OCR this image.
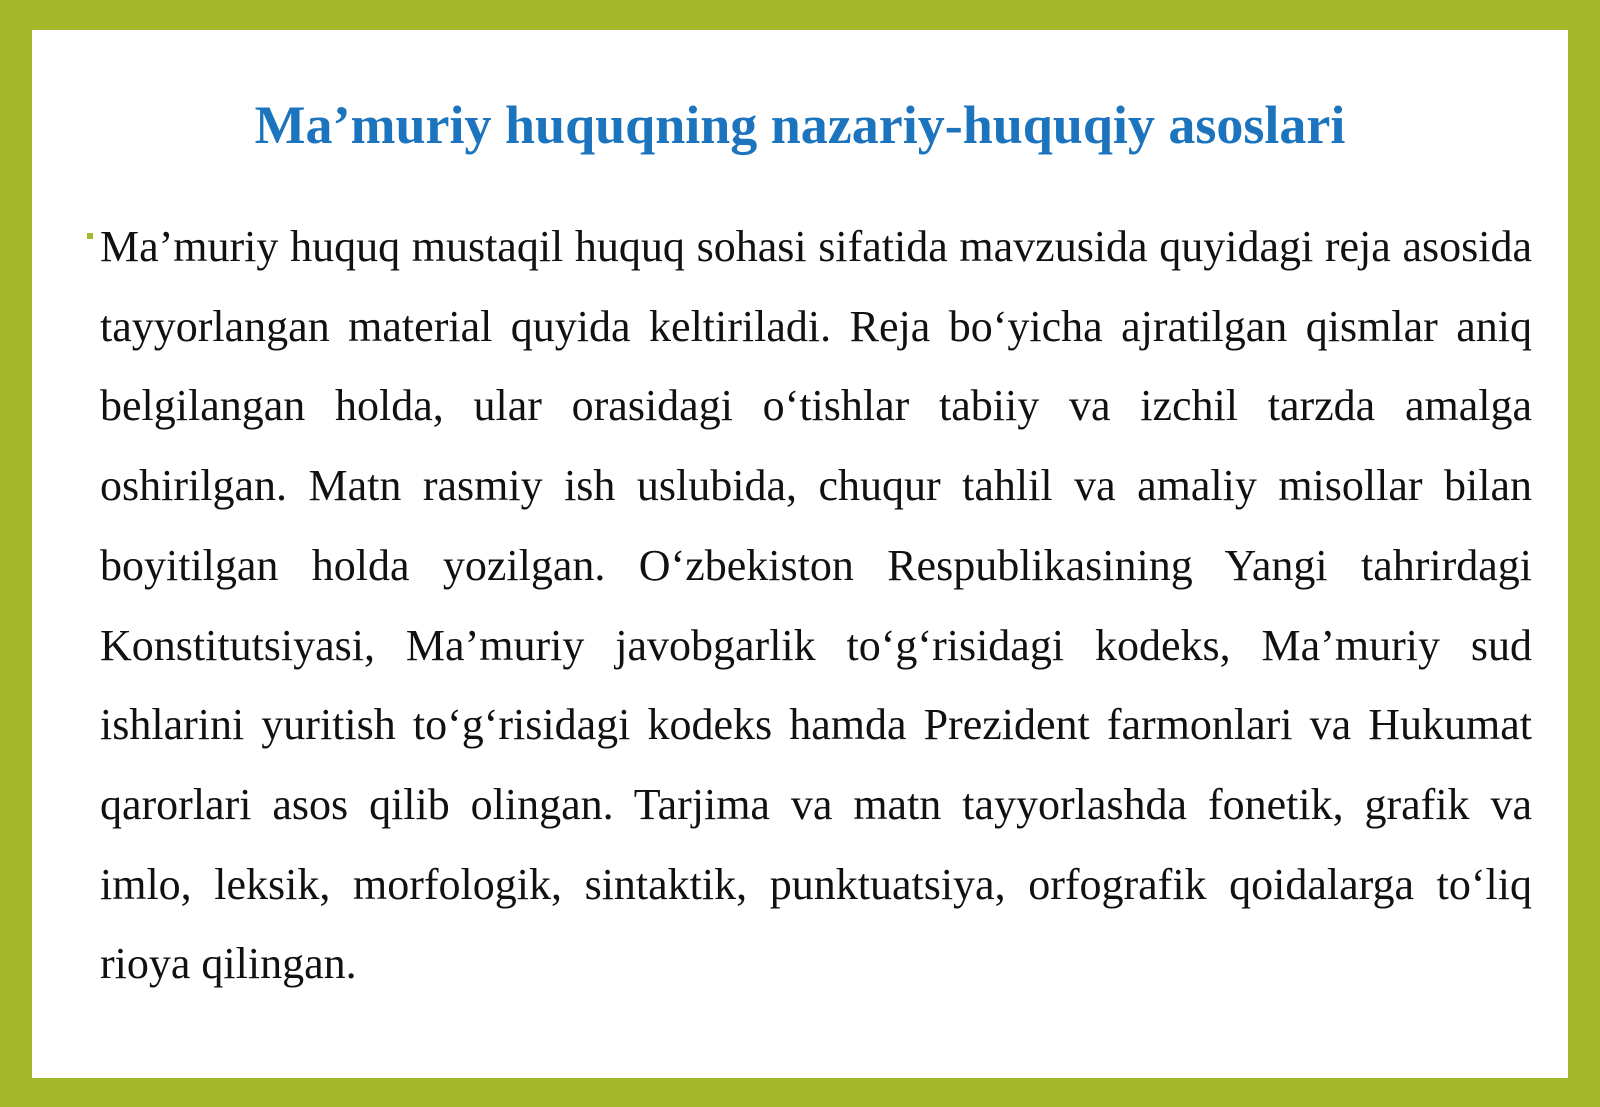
Ma’muriy huquqning nazariy-huquqiy asoslari

Ma’muriy huquq mustaqil huquq sohasi sifatida mavzusida quyidagi reja asosida tayyorlangan material quyida keltiriladi. Reja bo‘yicha ajratilgan qismlar aniq belgilangan holda, ular orasidagi o‘tishlar tabiiy va izchil tarzda amalga oshirilgan. Matn rasmiy ish uslubida, chuqur tahlil va amaliy misollar bilan boyitilgan holda yozilgan. O‘zbekiston Respublikasining Yangi tahrirdagi Konstitutsiyasi, Ma’muriy javobgarlik to‘g‘risidagi kodeks, Ma’muriy sud ishlarini yuritish to‘g‘risidagi kodeks hamda Prezident farmonlari va Hukumat qarorlari asos qilib olingan. Tarjima va matn tayyorlashda fonetik, grafik va imlo, leksik, morfologik, sintaktik, punktuatsiya, orfografik qoidalarga to‘liq rioya qilingan.
